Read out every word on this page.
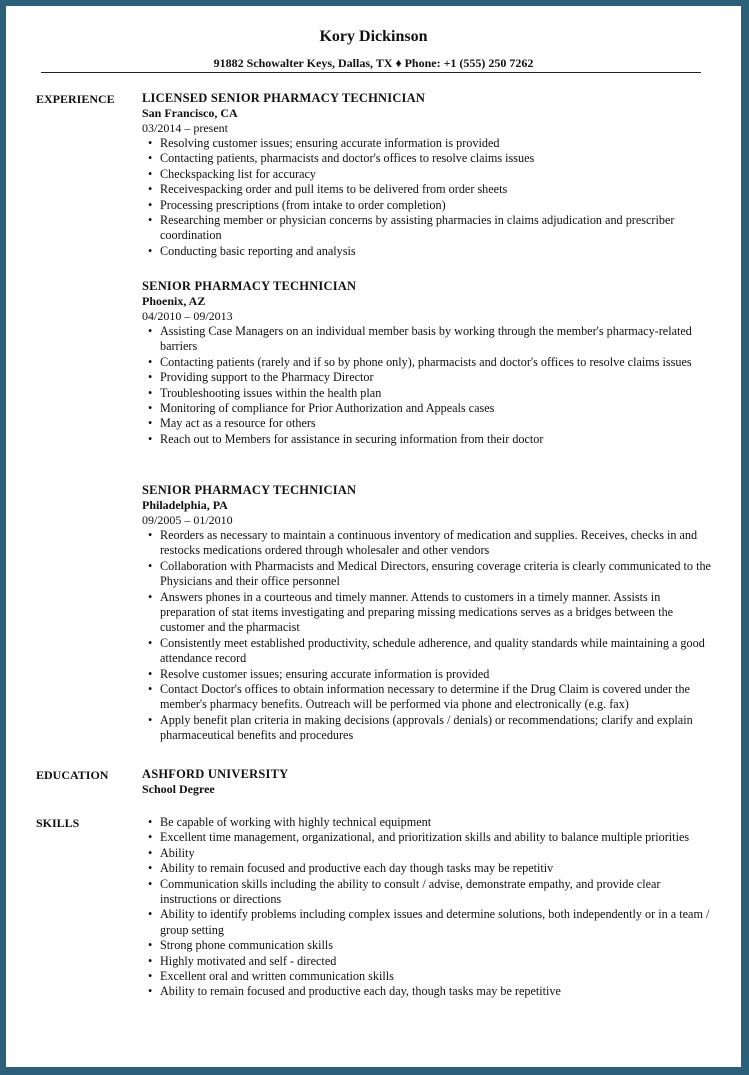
Kory Dickinson
91882 Schowalter Keys, Dallas, TX ♦ Phone: +1 (555) 250 7262
EXPERIENCE LICENSED SENIOR PHARMACY TECHNICIAN
San Francisco, CA
03/2014 – present
• Resolving customer issues; ensuring accurate information is provided
• Contacting patients, pharmacists and doctor's offices to resolve claims issues
• Checkspacking list for accuracy
• Receivespacking order and pull items to be delivered from order sheets
• Processing prescriptions (from intake to order completion)
• Researching member or physician concerns by assisting pharmacies in claims adjudication and prescriber coordination
• Conducting basic reporting and analysis
SENIOR PHARMACY TECHNICIAN
Phoenix, AZ
04/2010 – 09/2013
• Assisting Case Managers on an individual member basis by working through the member's pharmacy-related barriers
• Contacting patients (rarely and if so by phone only), pharmacists and doctor's offices to resolve claims issues
• Providing support to the Pharmacy Director
• Troubleshooting issues within the health plan
• Monitoring of compliance for Prior Authorization and Appeals cases
• May act as a resource for others
• Reach out to Members for assistance in securing information from their doctor
SENIOR PHARMACY TECHNICIAN
Philadelphia, PA
09/2005 – 01/2010
• Reorders as necessary to maintain a continuous inventory of medication and supplies. Receives, checks in and restocks medications ordered through wholesaler and other vendors
• Collaboration with Pharmacists and Medical Directors, ensuring coverage criteria is clearly communicated to the Physicians and their office personnel
• Answers phones in a courteous and timely manner. Attends to customers in a timely manner. Assists in preparation of stat items investigating and preparing missing medications serves as a bridges between the customer and the pharmacist
• Consistently meet established productivity, schedule adherence, and quality standards while maintaining a good attendance record
• Resolve customer issues; ensuring accurate information is provided
• Contact Doctor's offices to obtain information necessary to determine if the Drug Claim is covered under the member's pharmacy benefits. Outreach will be performed via phone and electronically (e.g. fax)
• Apply benefit plan criteria in making decisions (approvals / denials) or recommendations; clarify and explain pharmaceutical benefits and procedures
EDUCATION	ASHFORD UNIVERSITY
School Degree
SKILLS	• Be capable of working with highly technical equipment
• Excellent time management, organizational, and prioritization skills and ability to balance multiple priorities
• Ability
• Ability to remain focused and productive each day though tasks may be repetitiv
• Communication skills including the ability to consult / advise, demonstrate empathy, and provide clear instructions or directions
• Ability to identify problems including complex issues and determine solutions, both independently or in a team / group setting
• Strong phone communication skills
• Highly motivated and self - directed
• Excellent oral and written communication skills
• Ability to remain focused and productive each day, though tasks may be repetitive
